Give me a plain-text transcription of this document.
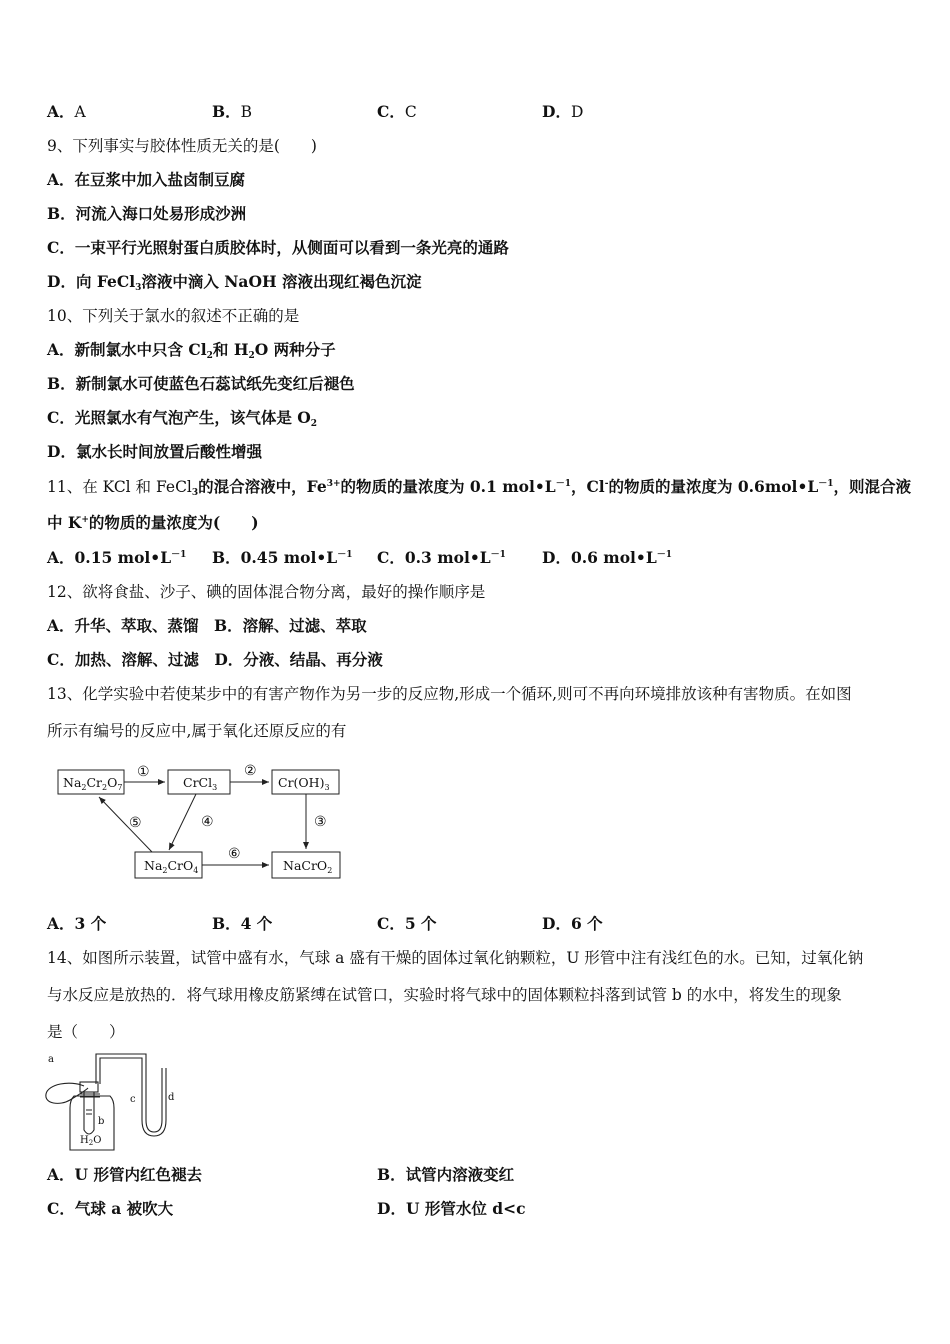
A．A	B．B	C．C	D．D
9、下列事实与胶体性质无关的是(　　)
A．在豆浆中加入盐卤制豆腐
B．河流入海口处易形成沙洲
C．一束平行光照射蛋白质胶体时，从侧面可以看到一条光亮的通路
D．向 FeCl$_3$溶液中滴入 NaOH 溶液出现红褐色沉淀
10、下列关于氯水的叙述不正确的是
A．新制氯水中只含 $Cl_2$和 $H_2O$ 两种分子
B．新制氯水可使蓝色石蕊试纸先变红后褪色
C．光照氯水有气泡产生，该气体是 $O_2$
D．氯水长时间放置后酸性增强
11、在 KCl 和 FeCl$_3$的混合溶液中，$Fe^{3+}$的物质的量浓度为 0.1 $mol•L^{-1}$，Cl-的物质的量浓度为 $0.6mol•L^{-1}$，则混合液
中 K+的物质的量浓度为(　　)
A．0.15 $mol•L^{-1}$ B．0.45 $mol•L^{-1}$ C．0.3 $mol•L^{-1}$ D．0.6 $mol•L^{-1}$
12、欲将食盐、沙子、碘的固体混合物分离，最好的操作顺序是
A．升华、萃取、蒸馏　B．溶解、过滤、萃取
C．加热、溶解、过滤　D．分液、结晶、再分液
13、化学实验中若使某步中的有害产物作为另一步的反应物,形成一个循环,则可不再向环境排放该种有害物质。在如图
所示有编号的反应中,属于氧化还原反应的有
$Na_2Cr_2O_7$	CrCl$_3$	$Cr(OH)_3$
$Na_2CrO_4$	NaCrO$_2$
①	②
③
④
⑤
⑥
A．3 个	B．4 个	C．5 个	D．6 个
14、如图所示装置，试管中盛有水，气球 a 盛有干燥的固体过氧化钠颗粒，U 形管中注有浅红色的水。已知，过氧化钠
与水反应是放热的．将气球用橡皮筋紧缚在试管口，实验时将气球中的固体颗粒抖落到试管 b 的水中，将发生的现象
是（　　）
a
b
c	d
$H_2O$
A．U 形管内红色褪去	B．试管内溶液变红
C．气球 a 被吹大	D．U 形管水位 d<c
